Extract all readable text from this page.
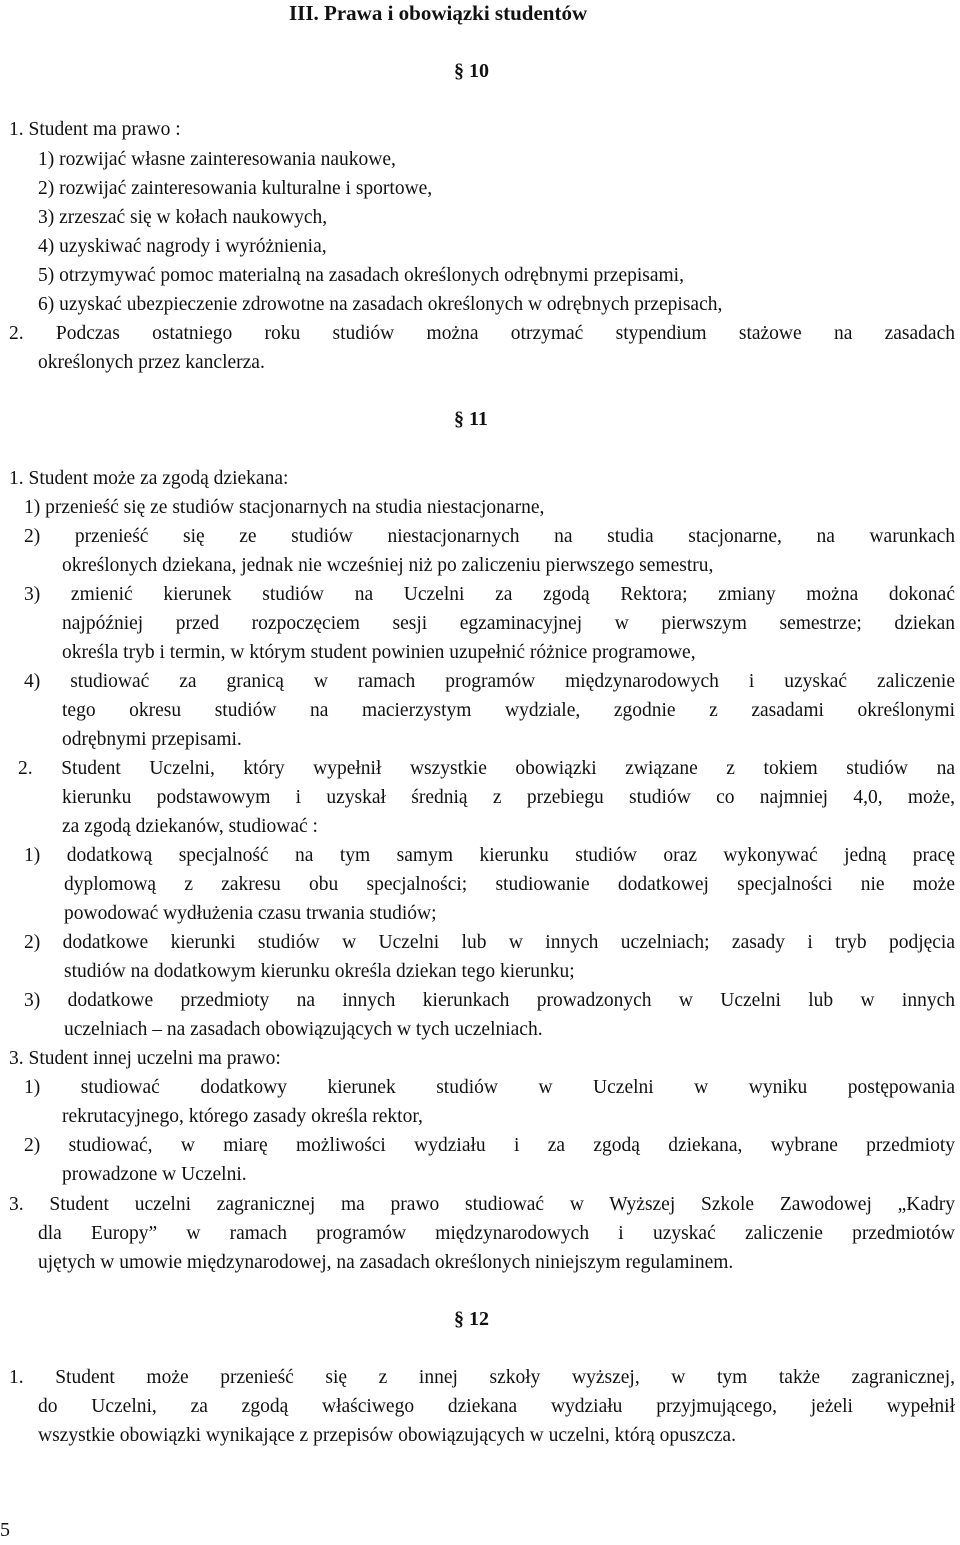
III. Prawa i obowiązki studentów
§ 10
1. Student ma prawo :
1) rozwijać własne zainteresowania naukowe,
2) rozwijać zainteresowania kulturalne i sportowe,
3) zrzeszać się w kołach naukowych,
4) uzyskiwać nagrody i wyróżnienia,
5) otrzymywać pomoc materialną na zasadach określonych odrębnymi przepisami,
6) uzyskać ubezpieczenie zdrowotne na zasadach określonych w odrębnych przepisach,
2. Podczas ostatniego roku studiów można otrzymać stypendium stażowe na zasadach
określonych przez kanclerza.
§ 11
1. Student może za zgodą dziekana:
1) przenieść się ze studiów stacjonarnych na studia niestacjonarne,
2) przenieść się ze studiów niestacjonarnych na studia stacjonarne, na warunkach
określonych dziekana, jednak nie wcześniej niż po zaliczeniu pierwszego semestru,
3) zmienić kierunek studiów na Uczelni za zgodą Rektora; zmiany można dokonać
najpóźniej przed rozpoczęciem sesji egzaminacyjnej w pierwszym semestrze; dziekan
określa tryb i termin, w którym student powinien uzupełnić różnice programowe,
4) studiować za granicą w ramach programów międzynarodowych i uzyskać zaliczenie
tego okresu studiów na macierzystym wydziale, zgodnie z zasadami określonymi
odrębnymi przepisami.
2. Student Uczelni, który wypełnił wszystkie obowiązki związane z tokiem studiów na
kierunku podstawowym i uzyskał średnią z przebiegu studiów co najmniej 4,0, może,
za zgodą dziekanów, studiować :
1) dodatkową specjalność na tym samym kierunku studiów oraz wykonywać jedną pracę
dyplomową z zakresu obu specjalności; studiowanie dodatkowej specjalności nie może
powodować wydłużenia czasu trwania studiów;
2) dodatkowe kierunki studiów w Uczelni lub w innych uczelniach; zasady i tryb podjęcia
studiów na dodatkowym kierunku określa dziekan tego kierunku;
3) dodatkowe przedmioty na innych kierunkach prowadzonych w Uczelni lub w innych
uczelniach – na zasadach obowiązujących w tych uczelniach.
3. Student innej uczelni ma prawo:
1) studiować dodatkowy kierunek studiów w Uczelni w wyniku postępowania
rekrutacyjnego, którego zasady określa rektor,
2) studiować, w miarę możliwości wydziału i za zgodą dziekana, wybrane przedmioty
prowadzone w Uczelni.
3. Student uczelni zagranicznej ma prawo studiować w Wyższej Szkole Zawodowej „Kadry
dla Europy” w ramach programów międzynarodowych i uzyskać zaliczenie przedmiotów
ujętych w umowie międzynarodowej, na zasadach określonych niniejszym regulaminem.
§ 12
1. Student może przenieść się z innej szkoły wyższej, w tym także zagranicznej,
do Uczelni, za zgodą właściwego dziekana wydziału przyjmującego, jeżeli wypełnił
wszystkie obowiązki wynikające z przepisów obowiązujących w uczelni, którą opuszcza.
5
